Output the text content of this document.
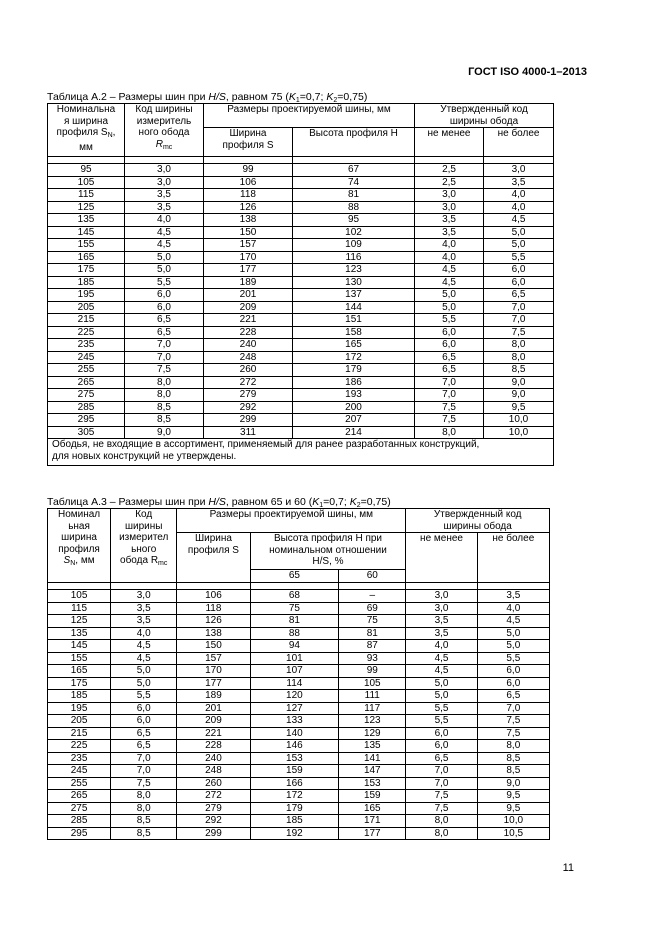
ГОСТ ISO 4000-1–2013
Таблица А.2 – Размеры шин при H/S, равном 75 ($K_1=0,7$; $K_2=0,75$)
Номинальна
я ширина
профиля $S_N$,
мм	Код ширины
измеритель
ного обода
$R_{mc}$	Размеры проектируемой шины, мм		Утвержденный код
ширины обода	
		Ширина
профиля S	Высота профиля H	не менее	не более

95	3,0	99	67	2,5	3,0
105	3,0	106	74	2,5	3,5
115	3,5	118	81	3,0	4,0
125	3,5	126	88	3,0	4,0
135	4,0	138	95	3,5	4,5
145	4,5	150	102	3,5	5,0
155	4,5	157	109	4,0	5,0
165	5,0	170	116	4,0	5,5
175	5,0	177	123	4,5	6,0
185	5,5	189	130	4,5	6,0
195	6,0	201	137	5,0	6,5
205	6,0	209	144	5,0	7,0
215	6,5	221	151	5,5	7,0
225	6,5	228	158	6,0	7,5
235	7,0	240	165	6,0	8,0
245	7,0	248	172	6,5	8,0
255	7,5	260	179	6,5	8,5
265	8,0	272	186	7,0	9,0
275	8,0	279	193	7,0	9,0
285	8,5	292	200	7,5	9,5
295	8,5	299	207	7,5	10,0
305	9,0	311	214	8,0	10,0
Ободья, не входящие в ассортимент, применяемый для ранее разработанных конструкций,
для новых конструкций не утверждены.					
Таблица А.3 – Размеры шин при H/S, равном 65 и 60 ($K_1=0,7$; $K_2=0,75$)
Номинал
ьная
ширина
профиля
$S_N$, мм	Код
ширины
измерител
ьного
обода $R_{mc}$	Размеры проектируемой шины, мм			Утвержденный код
ширины обода	
		Ширина
профиля S	Высота профиля H при
номинальном отношении
H/S, %		не менее	не более
			65	60		

105	3,0	106	68	–	3,0	3,5
115	3,5	118	75	69	3,0	4,0
125	3,5	126	81	75	3,5	4,5
135	4,0	138	88	81	3,5	5,0
145	4,5	150	94	87	4,0	5,0
155	4,5	157	101	93	4,5	5,5
165	5,0	170	107	99	4,5	6,0
175	5,0	177	114	105	5,0	6,0
185	5,5	189	120	111	5,0	6,5
195	6,0	201	127	117	5,5	7,0
205	6,0	209	133	123	5,5	7,5
215	6,5	221	140	129	6,0	7,5
225	6,5	228	146	135	6,0	8,0
235	7,0	240	153	141	6,5	8,5
245	7,0	248	159	147	7,0	8,5
255	7,5	260	166	153	7,0	9,0
265	8,0	272	172	159	7,5	9,5
275	8,0	279	179	165	7,5	9,5
285	8,5	292	185	171	8,0	10,0
295	8,5	299	192	177	8,0	10,5
11
